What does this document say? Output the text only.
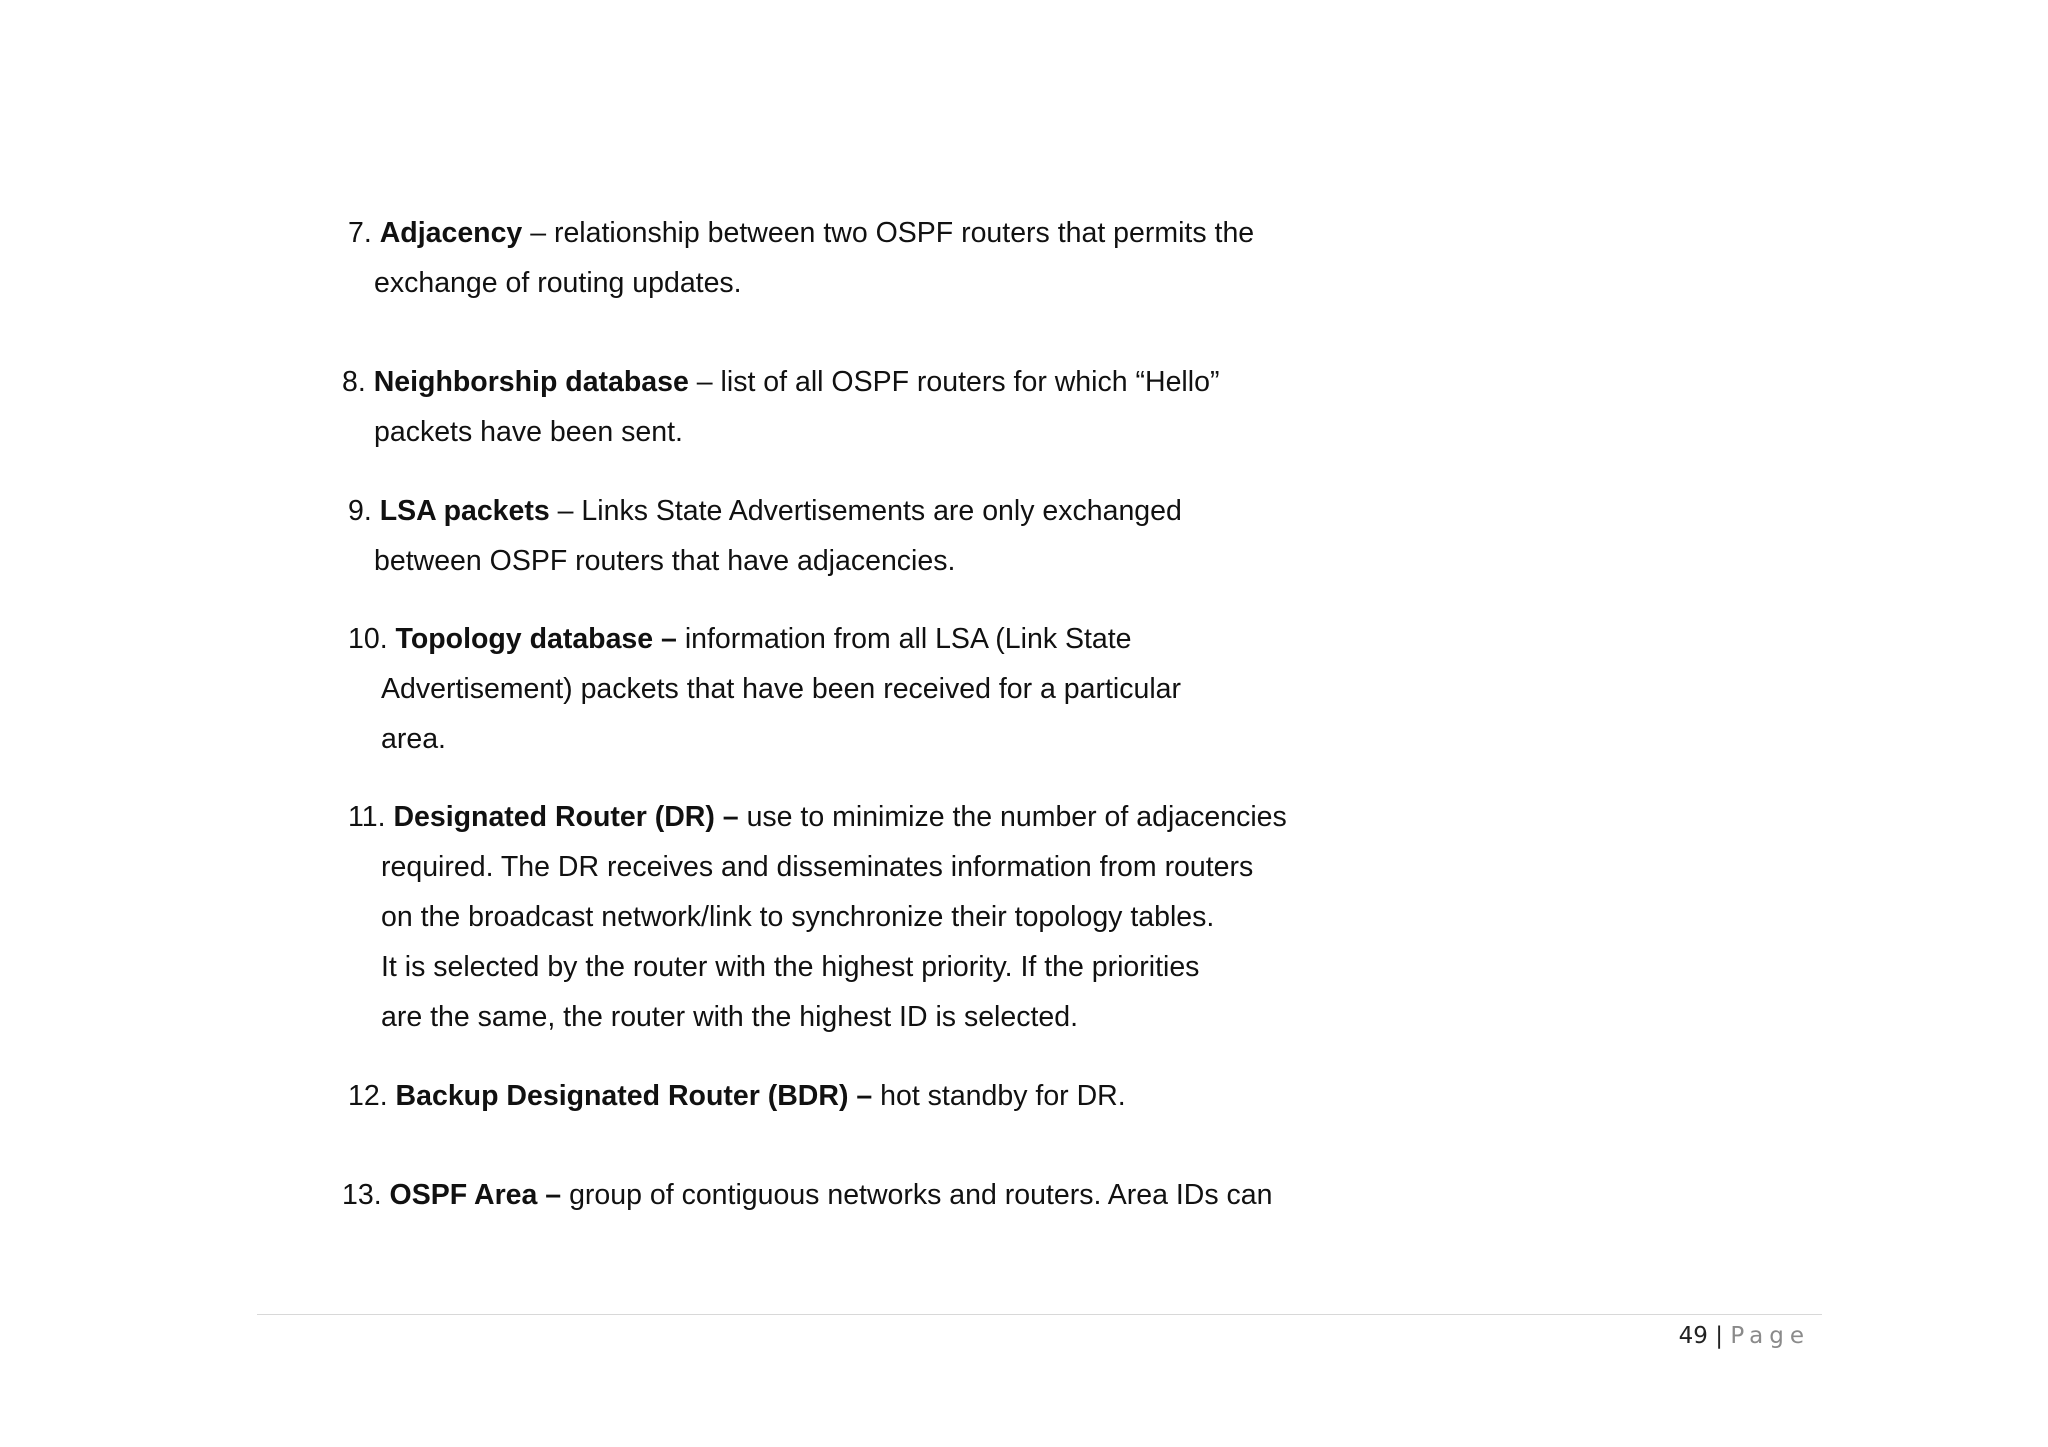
7. Adjacency – relationship between two OSPF routers that permits the
exchange of routing updates.
8. Neighborship database – list of all OSPF routers for which “Hello”
packets have been sent.
9. LSA packets – Links State Advertisements are only exchanged
between OSPF routers that have adjacencies.
10. Topology database – information from all LSA (Link State
Advertisement) packets that have been received for a particular
area.
11. Designated Router (DR) – use to minimize the number of adjacencies
required. The DR receives and disseminates information from routers
on the broadcast network/link to synchronize their topology tables.
It is selected by the router with the highest priority. If the priorities
are the same, the router with the highest ID is selected.
12. Backup Designated Router (BDR) – hot standby for DR.
13. OSPF Area – group of contiguous networks and routers. Area IDs can
49 | Page
